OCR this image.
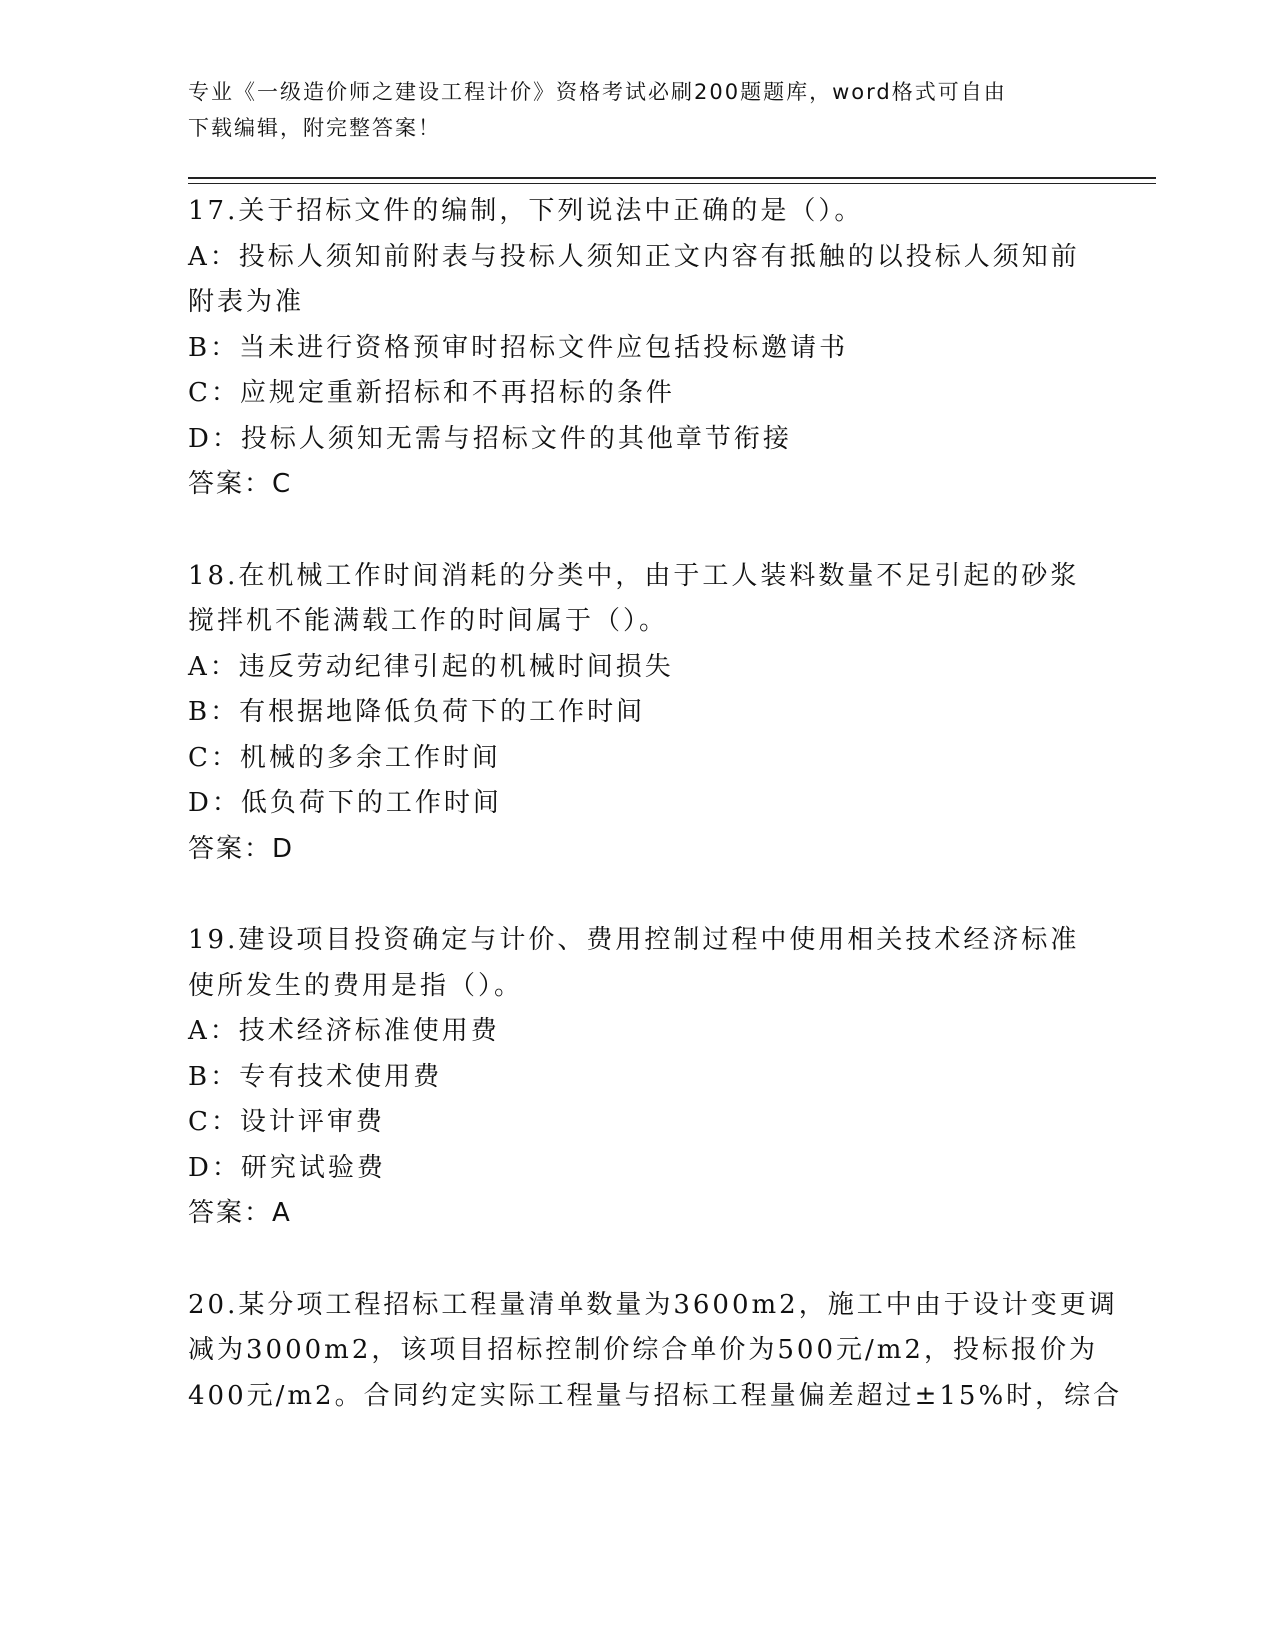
专业《一级造价师之建设工程计价》资格考试必刷200题题库，word格式可自由
下载编辑，附完整答案！
17.关于招标文件的编制，下列说法中正确的是（）。
A：投标人须知前附表与投标人须知正文内容有抵触的以投标人须知前
附表为准
B：当未进行资格预审时招标文件应包括投标邀请书
C：应规定重新招标和不再招标的条件
D：投标人须知无需与招标文件的其他章节衔接
答案：C
18.在机械工作时间消耗的分类中，由于工人装料数量不足引起的砂浆
搅拌机不能满载工作的时间属于（）。
A：违反劳动纪律引起的机械时间损失
B：有根据地降低负荷下的工作时间
C：机械的多余工作时间
D：低负荷下的工作时间
答案：D
19.建设项目投资确定与计价、费用控制过程中使用相关技术经济标准
使所发生的费用是指（）。
A：技术经济标准使用费
B：专有技术使用费
C：设计评审费
D：研究试验费
答案：A
20.某分项工程招标工程量清单数量为3600m2，施工中由于设计变更调
减为3000m2，该项目招标控制价综合单价为500元/m2，投标报价为
400元/m2。合同约定实际工程量与招标工程量偏差超过±15%时，综合
